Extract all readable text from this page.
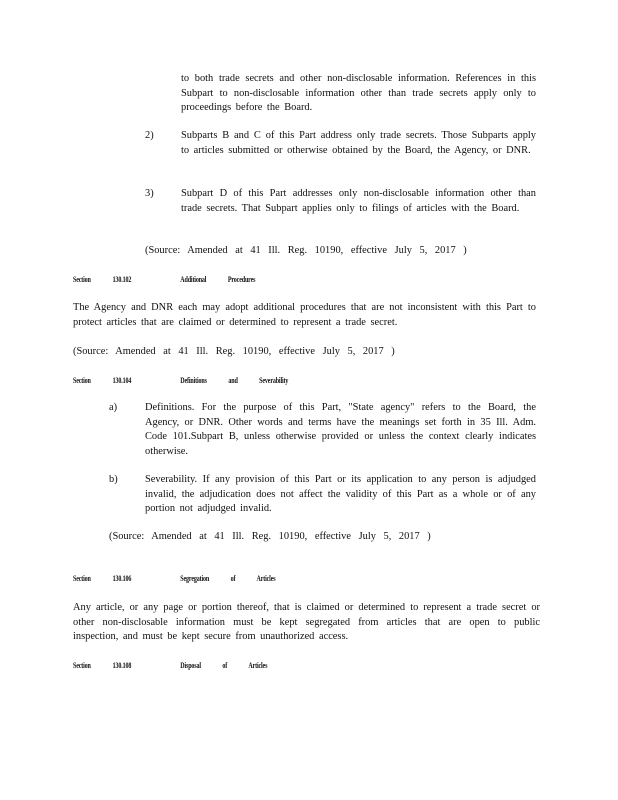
to both trade secrets and other non-disclosable information. References in this Subpart to non-disclosable information other than trade secrets apply only to proceedings before the Board.
2)	Subparts B and C of this Part address only trade secrets. Those Subparts apply to articles submitted or otherwise obtained by the Board, the Agency, or DNR.
3)	Subpart D of this Part addresses only non-disclosable information other than trade secrets. That Subpart applies only to filings of articles with the Board.
(Source: Amended at 41 Ill. Reg. 10190, effective July 5, 2017 )
Section	130.102	Additional Procedures
The Agency and DNR each may adopt additional procedures that are not inconsistent with this Part to protect articles that are claimed or determined to represent a trade secret.
(Source: Amended at 41 Ill. Reg. 10190, effective July 5, 2017 )
Section	130.104	Definitions and Severability
a)	Definitions. For the purpose of this Part, "State agency" refers to the Board, the Agency, or DNR. Other words and terms have the meanings set forth in 35 Ill. Adm. Code 101.Subpart B, unless otherwise provided or unless the context clearly indicates otherwise.
b)	Severability. If any provision of this Part or its application to any person is adjudged invalid, the adjudication does not affect the validity of this Part as a whole or of any portion not adjudged invalid.
(Source: Amended at 41 Ill. Reg. 10190, effective July 5, 2017 )
Section	130.106	Segregation of Articles
Any article, or any page or portion thereof, that is claimed or determined to represent a trade secret or other non-disclosable information must be kept segregated from articles that are open to public inspection, and must be kept secure from unauthorized access.
Section	130.108	Disposal of Articles
